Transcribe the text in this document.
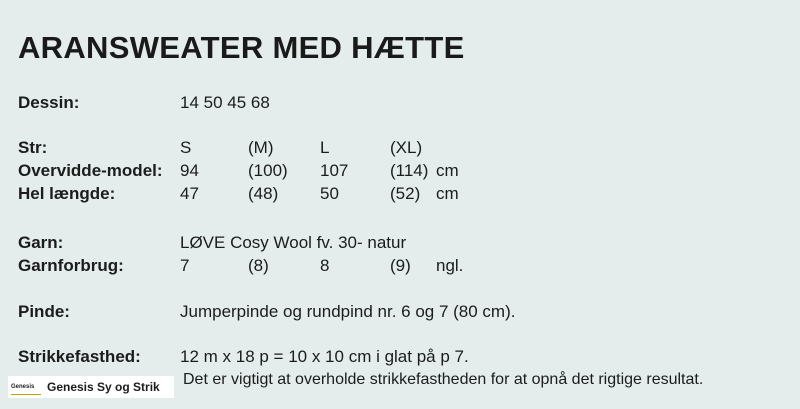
ARANSWEATER MED HÆTTE
Dessin:	14 50 45 68
Str:	S	(M)	L	(XL)
Overvidde-model: 94	(100) 107 (114) cm
Hel længde:	47	(48) 50	(52) cm
Garn:	LØVE Cosy Wool fv. 30- natur
Garnforbrug:	7	(8)	8	(9) ngl.
Pinde:	Jumperpinde og rundpind nr. 6 og 7 (80 cm).
Strikkefasthed: 12 m x 18 p = 10 x 10 cm i glat på p 7.
Genesis	Genesis Sy og Strik Det er vigtigt at overholde strikkefastheden for at opnå det rigtige resultat.
